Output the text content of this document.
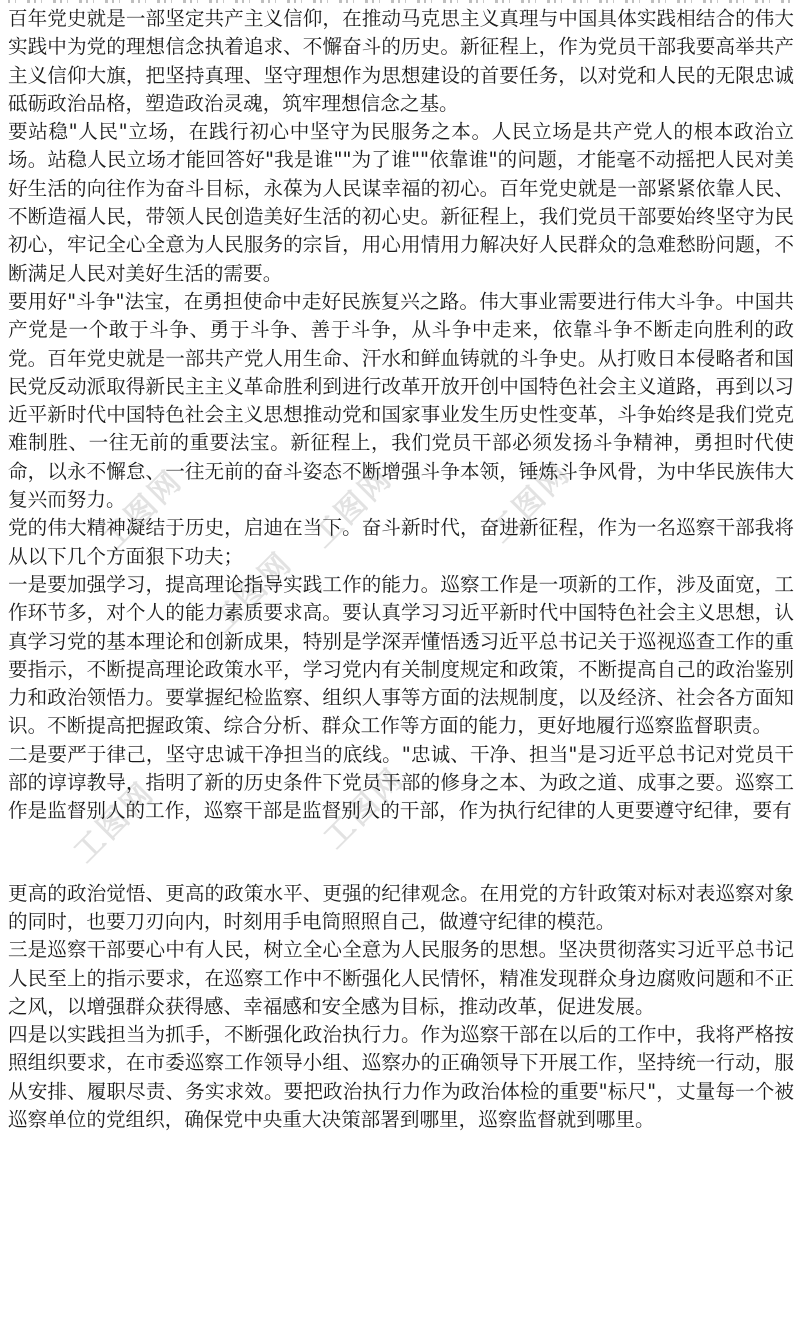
工图网	工图网	工图网
工图网
工图网	工图网

百年党史就是一部坚定共产主义信仰，在推动马克思主义真理与中国具体实践相结合的伟大实践中为党的理想信念执着追求、不懈奋斗的历史。新征程上，作为党员干部我要高举共产主义信仰大旗，把坚持真理、坚守理想作为思想建设的首要任务，以对党和人民的无限忠诚砥砺政治品格，塑造政治灵魂，筑牢理想信念之基。

要站稳"人民"立场，在践行初心中坚守为民服务之本。人民立场是共产党人的根本政治立场。站稳人民立场才能回答好"我是谁""为了谁""依靠谁"的问题，才能毫不动摇把人民对美好生活的向往作为奋斗目标，永葆为人民谋幸福的初心。百年党史就是一部紧紧依靠人民、不断造福人民，带领人民创造美好生活的初心史。新征程上，我们党员干部要始终坚守为民初心，牢记全心全意为人民服务的宗旨，用心用情用力解决好人民群众的急难愁盼问题，不断满足人民对美好生活的需要。

要用好"斗争"法宝，在勇担使命中走好民族复兴之路。伟大事业需要进行伟大斗争。中国共产党是一个敢于斗争、勇于斗争、善于斗争，从斗争中走来，依靠斗争不断走向胜利的政党。百年党史就是一部共产党人用生命、汗水和鲜血铸就的斗争史。从打败日本侵略者和国民党反动派取得新民主主义革命胜利到进行改革开放开创中国特色社会主义道路，再到以习近平新时代中国特色社会主义思想推动党和国家事业发生历史性变革，斗争始终是我们党克难制胜、一往无前的重要法宝。新征程上，我们党员干部必须发扬斗争精神，勇担时代使命，以永不懈怠、一往无前的奋斗姿态不断增强斗争本领，锤炼斗争风骨，为中华民族伟大复兴而努力。

党的伟大精神凝结于历史，启迪在当下。奋斗新时代，奋进新征程，作为一名巡察干部我将从以下几个方面狠下功夫；

一是要加强学习，提高理论指导实践工作的能力。巡察工作是一项新的工作，涉及面宽，工作环节多，对个人的能力素质要求高。要认真学习习近平新时代中国特色社会主义思想，认真学习党的基本理论和创新成果，特别是学深弄懂悟透习近平总书记关于巡视巡查工作的重要指示，不断提高理论政策水平，学习党内有关制度规定和政策，不断提高自己的政治鉴别力和政治领悟力。要掌握纪检监察、组织人事等方面的法规制度，以及经济、社会各方面知识。不断提高把握政策、综合分析、群众工作等方面的能力，更好地履行巡察监督职责。

二是要严于律己，坚守忠诚干净担当的底线。"忠诚、干净、担当"是习近平总书记对党员干部的谆谆教导，指明了新的历史条件下党员干部的修身之本、为政之道、成事之要。巡察工作是监督别人的工作，巡察干部是监督别人的干部，作为执行纪律的人更要遵守纪律，要有

更高的政治觉悟、更高的政策水平、更强的纪律观念。在用党的方针政策对标对表巡察对象的同时，也要刀刃向内，时刻用手电筒照照自己，做遵守纪律的模范。

三是巡察干部要心中有人民，树立全心全意为人民服务的思想。坚决贯彻落实习近平总书记人民至上的指示要求，在巡察工作中不断强化人民情怀，精准发现群众身边腐败问题和不正之风，以增强群众获得感、幸福感和安全感为目标，推动改革，促进发展。

四是以实践担当为抓手，不断强化政治执行力。作为巡察干部在以后的工作中，我将严格按照组织要求，在市委巡察工作领导小组、巡察办的正确领导下开展工作，坚持统一行动，服从安排、履职尽责、务实求效。要把政治执行力作为政治体检的重要"标尺"，丈量每一个被巡察单位的党组织，确保党中央重大决策部署到哪里，巡察监督就到哪里。
